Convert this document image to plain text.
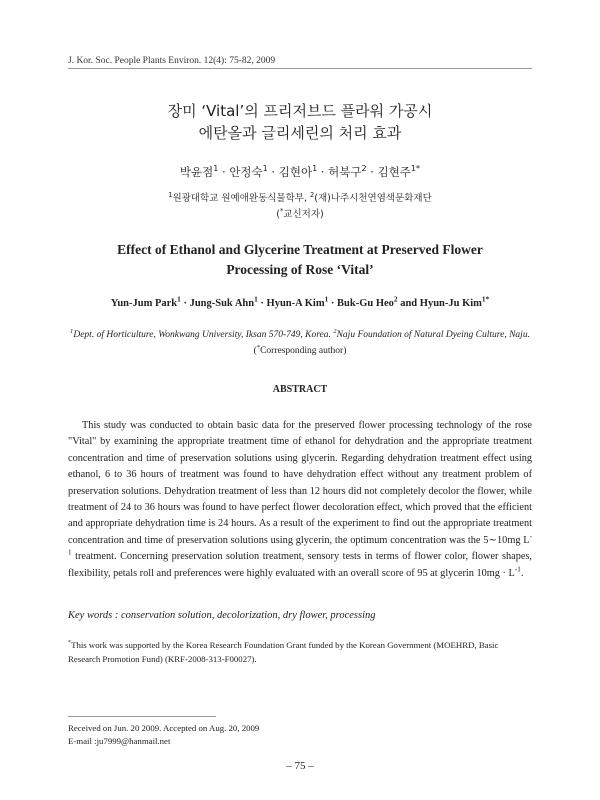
J. Kor. Soc. People Plants Environ. 12(4): 75-82, 2009
장미 ‘Vital’의 프리저브드 플라워 가공시
에탄올과 글리세린의 처리 효과
박윤점$^1$ · 안정숙$^1$ · 김현아$^1$ · 허북구$^2$ · 김현주$^{1*}$
$^1$원광대학교 원예애완동식물학부, $^2$(재)나주시천연염색문화재단
(*교신저자)
Effect of Ethanol and Glycerine Treatment at Preserved Flower
Processing of Rose ‘Vital’
Yun-Jum Park$^1$ · Jung-Suk Ahn$^1$ · Hyun-A Kim$^1$ · Buk-Gu Heo$^2$ and Hyun-Ju Kim$^{1*}$
$^1$Dept. of Horticulture, Wonkwang University, Iksan 570-749, Korea. $^2$Naju Foundation of Natural Dyeing Culture, Naju.
(*Corresponding author)
ABSTRACT
This study was conducted to obtain basic data for the preserved flower processing technology of the rose "Vital" by examining the appropriate treatment time of ethanol for dehydration and the appropriate treatment concentration and time of preservation solutions using glycerin. Regarding dehydration treatment effect using ethanol, 6 to 36 hours of treatment was found to have dehydration effect without any treatment problem of preservation solutions. Dehydration treatment of less than 12 hours did not completely decolor the flower, while treatment of 24 to 36 hours was found to have perfect flower decoloration effect, which proved that the efficient and appropriate dehydration time is 24 hours. As a result of the experiment to find out the appropriate treatment concentration and time of preservation solutions using glycerin, the optimum concentration was the 5∼10mg $L^{-1}$ treatment. Concerning preservation solution treatment, sensory tests in terms of flower color, flower shapes, flexibility, petals roll and preferences were highly evaluated with an overall score of 95 at glycerin $10mg \cdot L^{-1}$.
Key words : conservation solution, decolorization, dry flower, processing
*This work was supported by the Korea Research Foundation Grant funded by the Korean Government (MOEHRD, Basic Research Promotion Fund) (KRF-2008-313-F00027).
Received on Jun. 20 2009. Accepted on Aug. 20, 2009
E-mail :ju7999@hanmail.net
– 75 –
